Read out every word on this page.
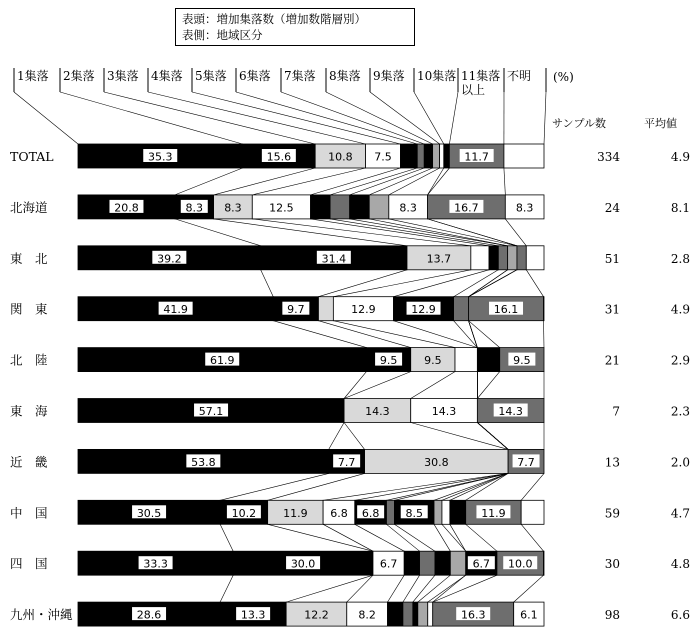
表頭：増加集落数（増加数階層別）
表側：地域区分
(%)
サンプル数	平均値
1集落 2集落 3集落 4集落 5集落 6集落 7集落 8集落 9集落 10集落 11集落
以上
不明
TOTAL	35.3	15.6	10.8 7.5	11.7	334	4.9
北海道	20.8	8.3 8.3 12.5	8.3	16.7	8.3	24	8.1
東　北	39.2	31.4	13.7	51	2.8
関　東	41.9	9.7	12.9	12.9	16.1	31	4.9
北　陸	61.9	9.5 9.5	9.5	21	2.9
東　海	57.1	14.3	14.3	14.3	7	2.3
近　畿	53.8	7.7	30.8	7.7	13	2.0
中　国	30.5	10.2 11.9 6.8 6.8 8.5	11.9	59	4.7
四　国	33.3	30.0	6.7	6.7 10.0	30	4.8
九州・沖縄	28.6	13.3	12.2	8.2	16.3	6.1	98	6.6
